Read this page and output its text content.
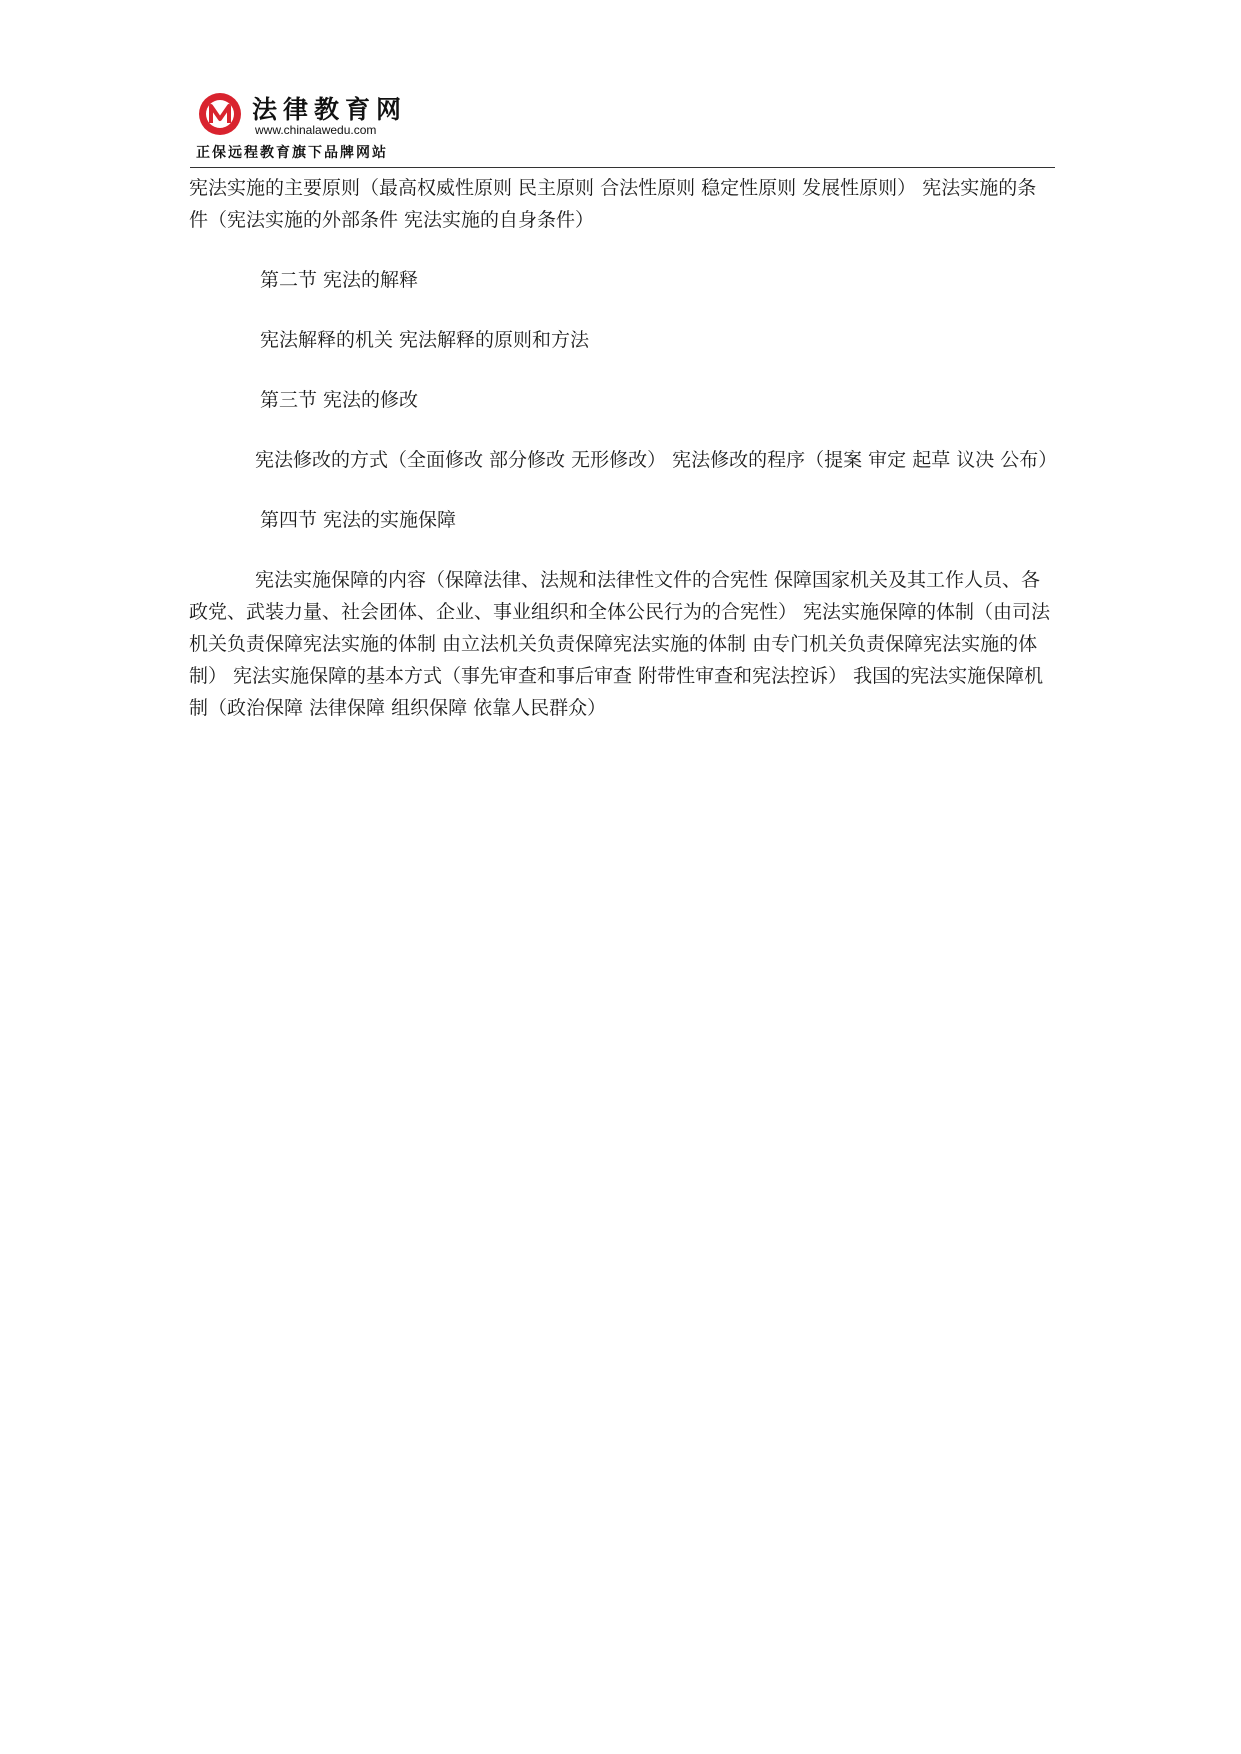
法律教育网
www.chinalawedu.com
正保远程教育旗下品牌网站

宪法实施的主要原则（最高权威性原则 民主原则 合法性原则 稳定性原则 发展性原则） 宪法实施的条件（宪法实施的外部条件 宪法实施的自身条件）

第二节 宪法的解释

宪法解释的机关 宪法解释的原则和方法

第三节 宪法的修改

宪法修改的方式（全面修改 部分修改 无形修改） 宪法修改的程序（提案 审定 起草 议决 公布）

第四节 宪法的实施保障

宪法实施保障的内容（保障法律、法规和法律性文件的合宪性 保障国家机关及其工作人员、各政党、武装力量、社会团体、企业、事业组织和全体公民行为的合宪性） 宪法实施保障的体制（由司法机关负责保障宪法实施的体制 由立法机关负责保障宪法实施的体制 由专门机关负责保障宪法实施的体制） 宪法实施保障的基本方式（事先审查和事后审查 附带性审查和宪法控诉） 我国的宪法实施保障机制（政治保障 法律保障 组织保障 依靠人民群众）
